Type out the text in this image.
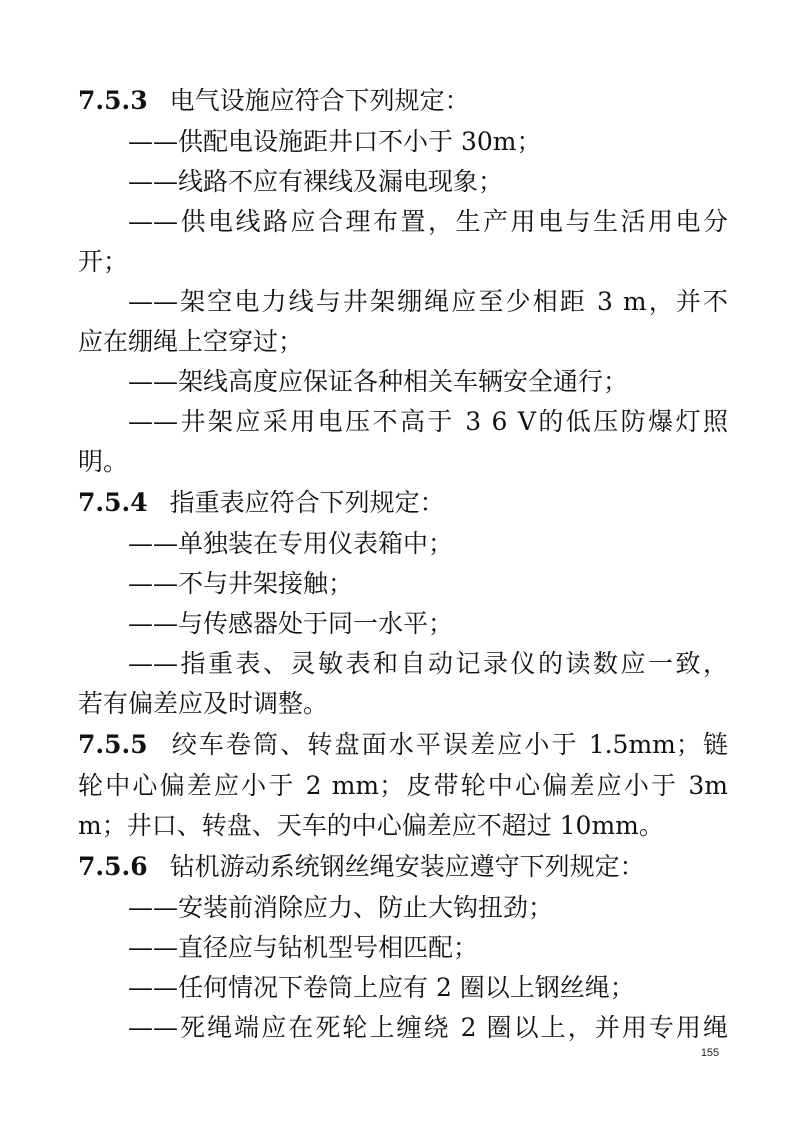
7.5.3 电气设施应符合下列规定：
——供配电设施距井口不小于 30m；
——线路不应有裸线及漏电现象；
——供电线路应合理布置，生产用电与生活用电分
开；
——架空电力线与井架绷绳应至少相距 3 m，并不
应在绷绳上空穿过；
——架线高度应保证各种相关车辆安全通行；
——井架应采用电压不高于 3 6 V的低压防爆灯照
明。
7.5.4 指重表应符合下列规定：
——单独装在专用仪表箱中；
——不与井架接触；
——与传感器处于同一水平；
——指重表、灵敏表和自动记录仪的读数应一致，
若有偏差应及时调整。
7.5.5 绞车卷筒、转盘面水平误差应小于 1.5mm；链
轮中心偏差应小于 2 mm；皮带轮中心偏差应小于 3m
m；井口、转盘、天车的中心偏差应不超过 10mm。
7.5.6 钻机游动系统钢丝绳安装应遵守下列规定：
——安装前消除应力、防止大钩扭劲；
——直径应与钻机型号相匹配；
——任何情况下卷筒上应有 2 圈以上钢丝绳；
——死绳端应在死轮上缠绕 2 圈以上，并用专用绳
155
